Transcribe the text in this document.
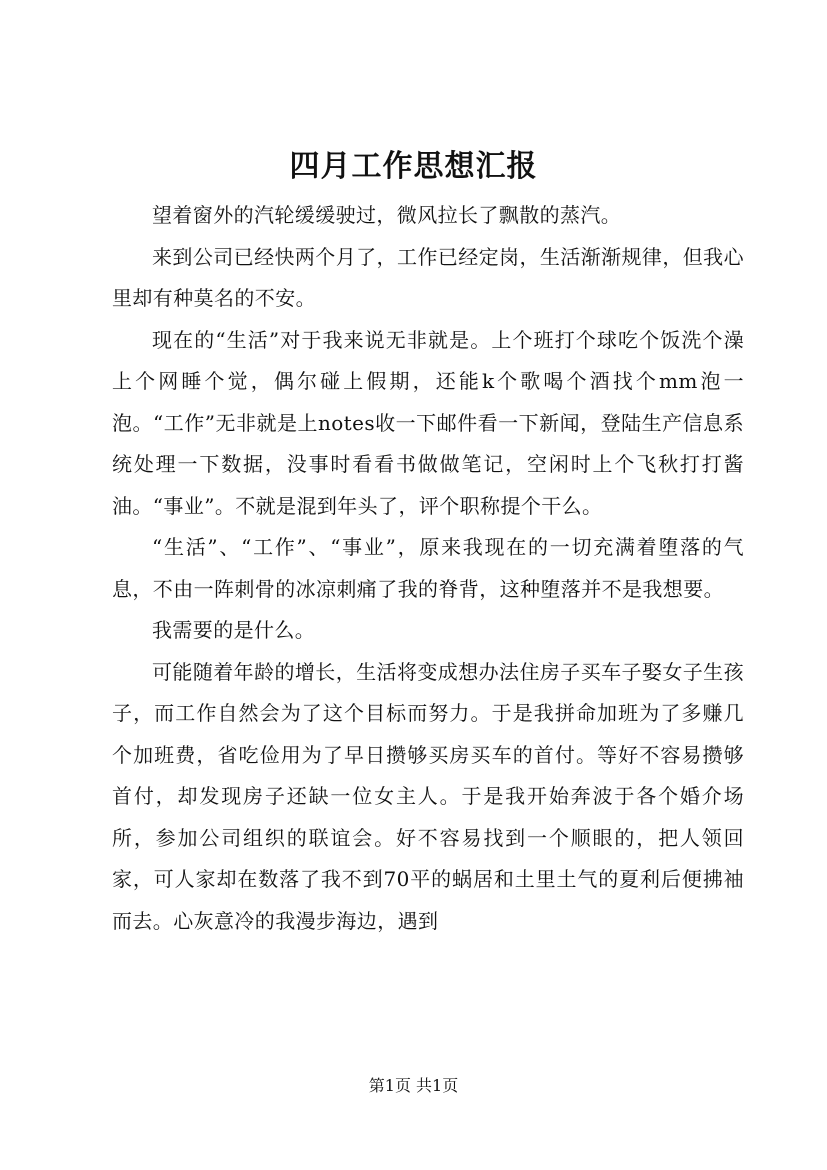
四月工作思想汇报

望着窗外的汽轮缓缓驶过，微风拉长了飘散的蒸汽。

来到公司已经快两个月了，工作已经定岗，生活渐渐规律，但我心里却有种莫名的不安。

现在的“生活”对于我来说无非就是。上个班打个球吃个饭洗个澡上个网睡个觉，偶尔碰上假期，还能k个歌喝个酒找个mm泡一泡。“工作”无非就是上notes收一下邮件看一下新闻，登陆生产信息系统处理一下数据，没事时看看书做做笔记，空闲时上个飞秋打打酱油。“事业”。不就是混到年头了，评个职称提个干么。

“生活”、“工作”、“事业”，原来我现在的一切充满着堕落的气息，不由一阵刺骨的冰凉刺痛了我的脊背，这种堕落并不是我想要。

我需要的是什么。

可能随着年龄的增长，生活将变成想办法住房子买车子娶女子生孩子，而工作自然会为了这个目标而努力。于是我拼命加班为了多赚几个加班费，省吃俭用为了早日攒够买房买车的首付。等好不容易攒够首付，却发现房子还缺一位女主人。于是我开始奔波于各个婚介场所，参加公司组织的联谊会。好不容易找到一个顺眼的，把人领回家，可人家却在数落了我不到70平的蜗居和土里土气的夏利后便拂袖而去。心灰意冷的我漫步海边，遇到

第1页 共1页
